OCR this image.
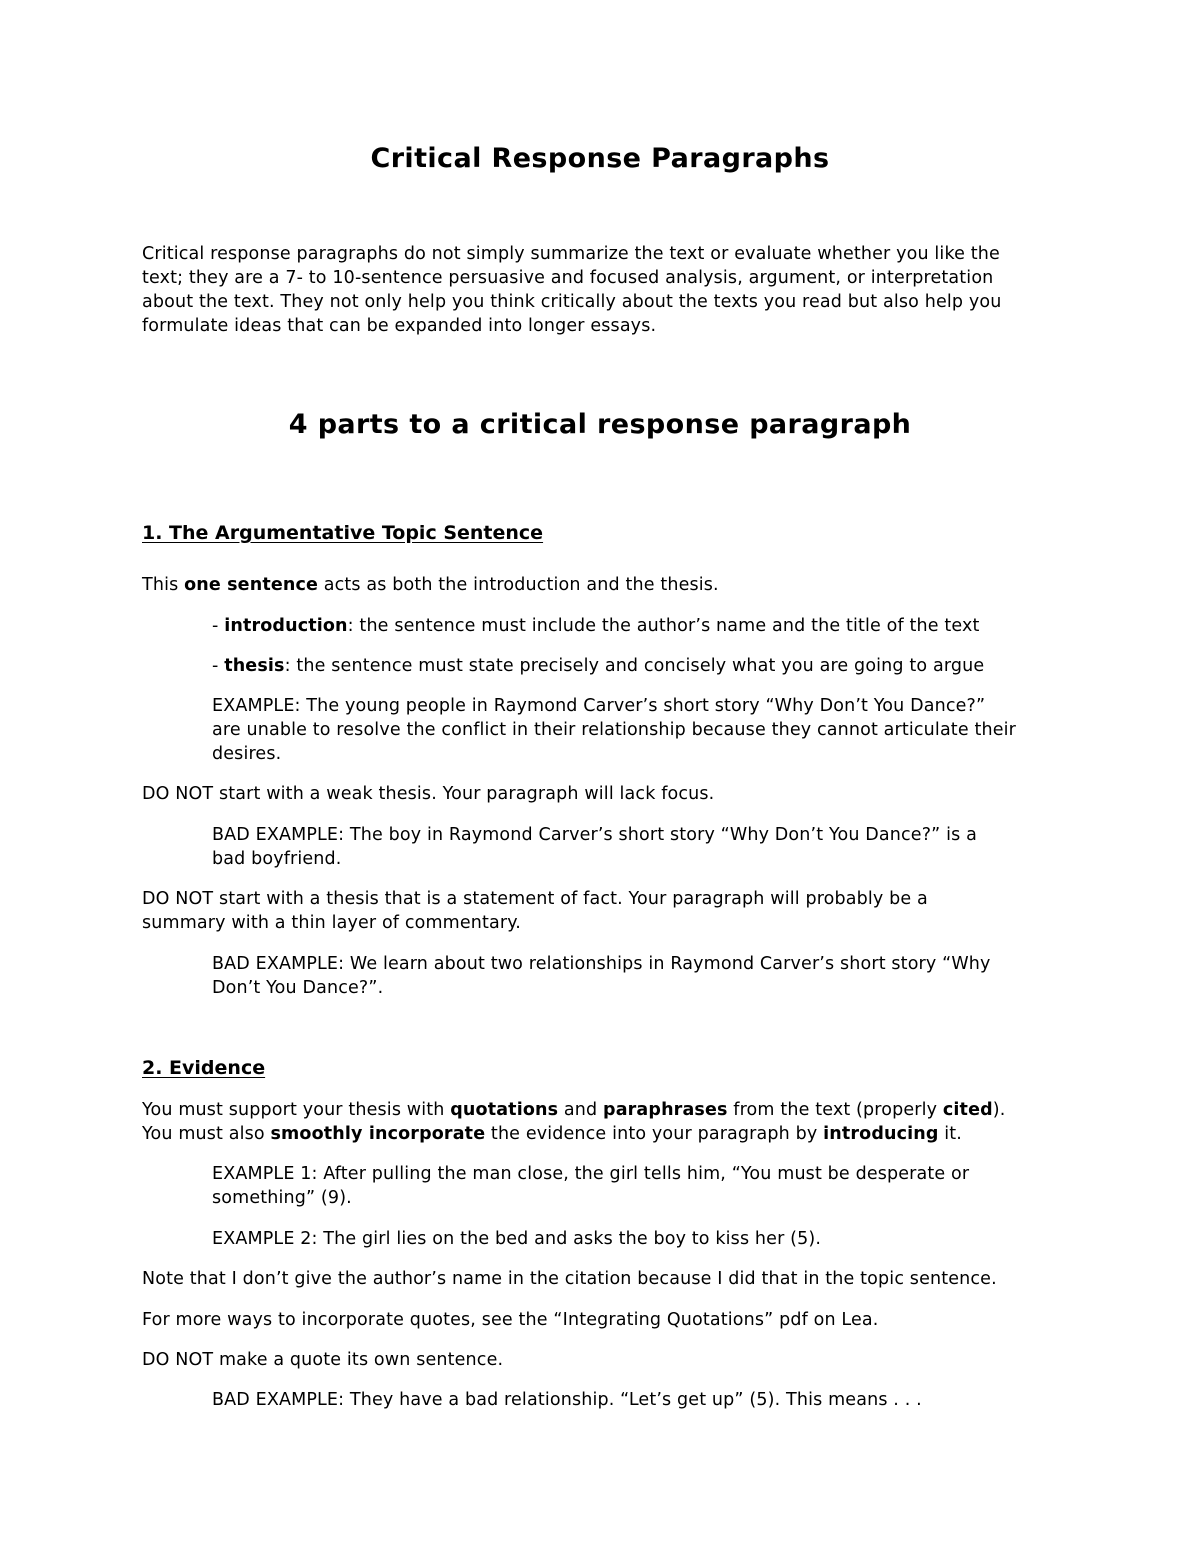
Critical Response Paragraphs

Critical response paragraphs do not simply summarize the text or evaluate whether you like the

text; they are a 7- to 10-sentence persuasive and focused analysis, argument, or interpretation

about the text. They not only help you think critically about the texts you read but also help you

formulate ideas that can be expanded into longer essays.

4 parts to a critical response paragraph
1. The Argumentative Topic Sentence

This one sentence acts as both the introduction and the thesis.

- introduction: the sentence must include the author’s name and the title of the text

- thesis: the sentence must state precisely and concisely what you are going to argue

EXAMPLE: The young people in Raymond Carver’s short story “Why Don’t You Dance?”

are unable to resolve the conflict in their relationship because they cannot articulate their

desires.

DO NOT start with a weak thesis. Your paragraph will lack focus.

BAD EXAMPLE: The boy in Raymond Carver’s short story “Why Don’t You Dance?” is a

bad boyfriend.

DO NOT start with a thesis that is a statement of fact. Your paragraph will probably be a

summary with a thin layer of commentary.

BAD EXAMPLE: We learn about two relationships in Raymond Carver’s short story “Why

Don’t You Dance?”.

2. Evidence

You must support your thesis with quotations and paraphrases from the text (properly cited).

You must also smoothly incorporate the evidence into your paragraph by introducing it.

EXAMPLE 1: After pulling the man close, the girl tells him, “You must be desperate or

something” (9).

EXAMPLE 2: The girl lies on the bed and asks the boy to kiss her (5).

Note that I don’t give the author’s name in the citation because I did that in the topic sentence.

For more ways to incorporate quotes, see the “Integrating Quotations” pdf on Lea.

DO NOT make a quote its own sentence.

BAD EXAMPLE: They have a bad relationship. “Let’s get up” (5). This means . . .
